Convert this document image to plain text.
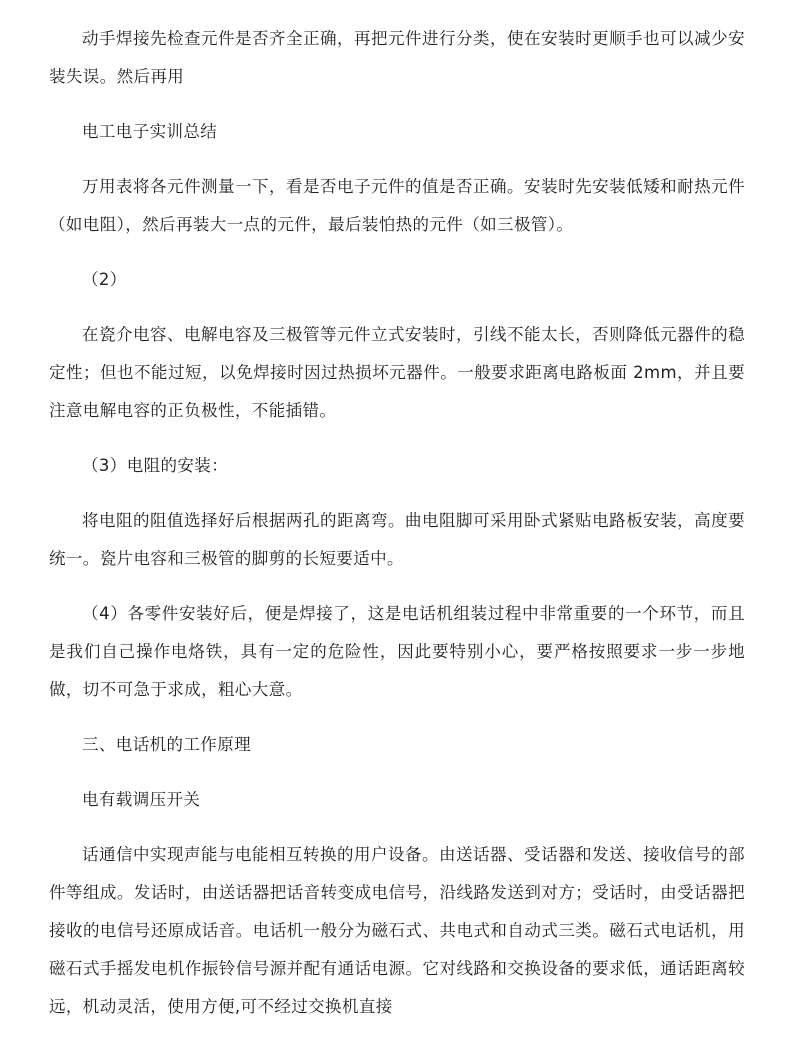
动手焊接先检查元件是否齐全正确，再把元件进行分类，使在安装时更顺手也可以减少安装失误。然后再用

电工电子实训总结

万用表将各元件测量一下，看是否电子元件的值是否正确。安装时先安装低矮和耐热元件（如电阻），然后再装大一点的元件，最后装怕热的元件（如三极管）。

（2）

在瓷介电容、电解电容及三极管等元件立式安装时，引线不能太长，否则降低元器件的稳定性；但也不能过短，以免焊接时因过热损坏元器件。一般要求距离电路板面 2mm，并且要注意电解电容的正负极性，不能插错。

（3）电阻的安装：

将电阻的阻值选择好后根据两孔的距离弯。曲电阻脚可采用卧式紧贴电路板安装，高度要统一。瓷片电容和三极管的脚剪的长短要适中。

（4）各零件安装好后，便是焊接了，这是电话机组装过程中非常重要的一个环节，而且是我们自己操作电烙铁，具有一定的危险性，因此要特别小心，要严格按照要求一步一步地做，切不可急于求成，粗心大意。

三、电话机的工作原理

电有载调压开关

话通信中实现声能与电能相互转换的用户设备。由送话器、受话器和发送、接收信号的部件等组成。发话时，由送话器把话音转变成电信号，沿线路发送到对方；受话时，由受话器把接收的电信号还原成话音。电话机一般分为磁石式、共电式和自动式三类。磁石式电话机，用磁石式手摇发电机作振铃信号源并配有通话电源。它对线路和交换设备的要求低，通话距离较远，机动灵活，使用方便,可不经过交换机直接
